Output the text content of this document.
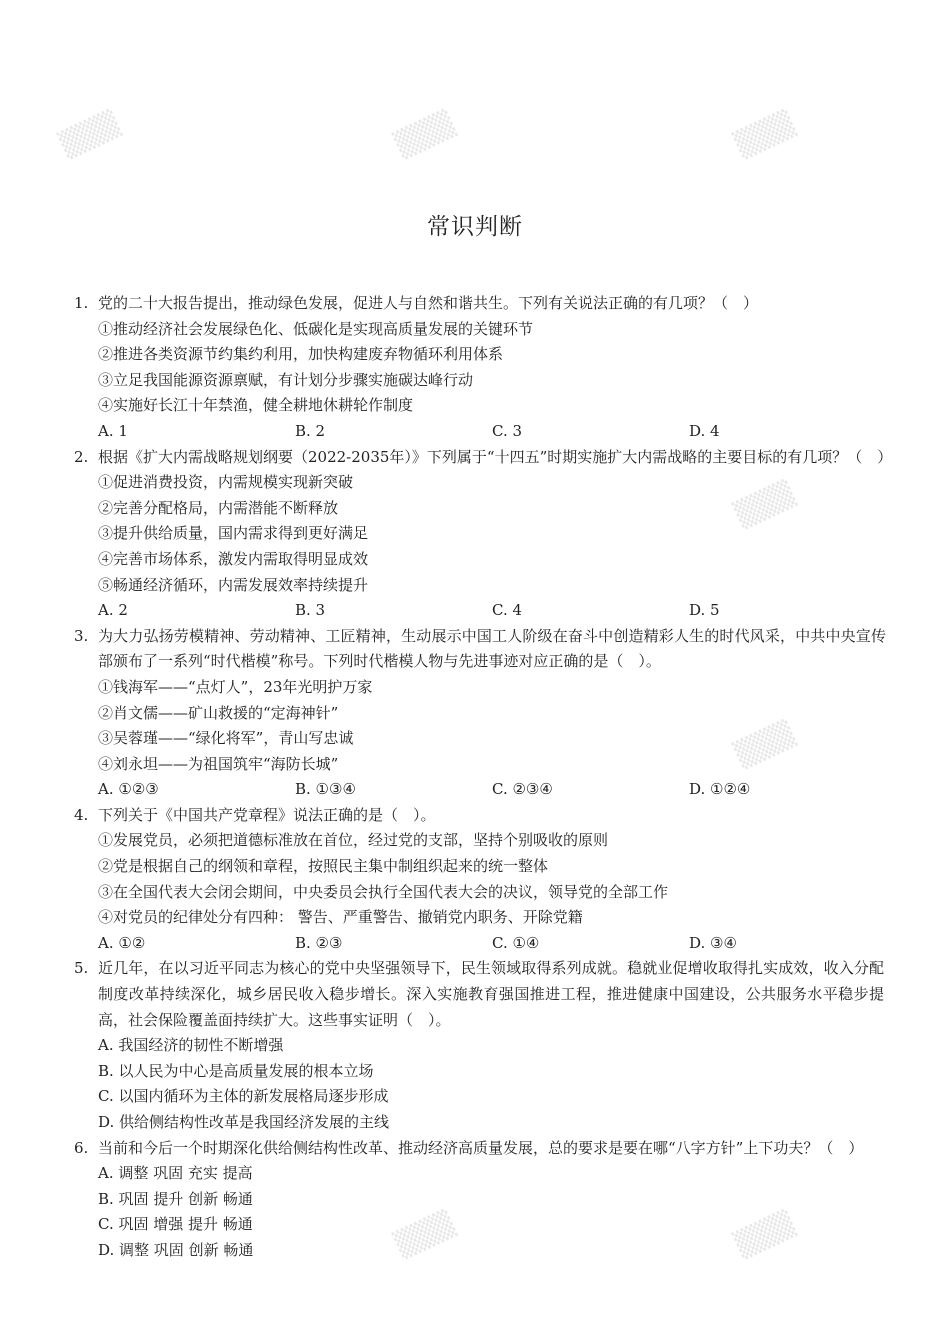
▒▒▒	▒▒▒	▒▒▒
▒▒▒
▒▒▒
▒▒▒	▒▒▒
常识判断
1. 党的二十大报告提出，推动绿色发展，促进人与自然和谐共生。下列有关说法正确的有几项？（　）
①推动经济社会发展绿色化、低碳化是实现高质量发展的关键环节
②推进各类资源节约集约利用，加快构建废弃物循环利用体系
③立足我国能源资源禀赋，有计划分步骤实施碳达峰行动
④实施好长江十年禁渔，健全耕地休耕轮作制度
A. 1	B. 2	C. 3	D. 4
2. 根据《扩大内需战略规划纲要（2022-2035年）》下列属于“十四五”时期实施扩大内需战略的主要目标的有几项？（　）
①促进消费投资，内需规模实现新突破
②完善分配格局，内需潜能不断释放
③提升供给质量，国内需求得到更好满足
④完善市场体系，激发内需取得明显成效
⑤畅通经济循环，内需发展效率持续提升
A. 2	B. 3	C. 4	D. 5
3. 为大力弘扬劳模精神、劳动精神、工匠精神，生动展示中国工人阶级在奋斗中创造精彩人生的时代风采，中共中央宣传部颁布了一系列“时代楷模”称号。下列时代楷模人物与先进事迹对应正确的是（　）。
①钱海军——“点灯人”，23年光明护万家
②肖文儒——矿山救援的“定海神针”
③吴蓉瑾——“绿化将军”，青山写忠诚
④刘永坦——为祖国筑牢“海防长城”
A. ①②③	B. ①③④	C. ②③④	D. ①②④
4. 下列关于《中国共产党章程》说法正确的是（　）。
①发展党员，必须把道德标准放在首位，经过党的支部，坚持个别吸收的原则
②党是根据自己的纲领和章程，按照民主集中制组织起来的统一整体
③在全国代表大会闭会期间，中央委员会执行全国代表大会的决议，领导党的全部工作
④对党员的纪律处分有四种： 警告、严重警告、撤销党内职务、开除党籍
A. ①②	B. ②③	C. ①④	D. ③④
5. 近几年，在以习近平同志为核心的党中央坚强领导下，民生领域取得系列成就。稳就业促增收取得扎实成效，收入分配制度改革持续深化，城乡居民收入稳步增长。深入实施教育强国推进工程，推进健康中国建设，公共服务水平稳步提高，社会保险覆盖面持续扩大。这些事实证明（　）。
A. 我国经济的韧性不断增强
B. 以人民为中心是高质量发展的根本立场
C. 以国内循环为主体的新发展格局逐步形成
D. 供给侧结构性改革是我国经济发展的主线
6. 当前和今后一个时期深化供给侧结构性改革、推动经济高质量发展，总的要求是要在哪“八字方针”上下功夫？（　）
A. 调整 巩固 充实 提高
B. 巩固 提升 创新 畅通
C. 巩固 增强 提升 畅通
D. 调整 巩固 创新 畅通
